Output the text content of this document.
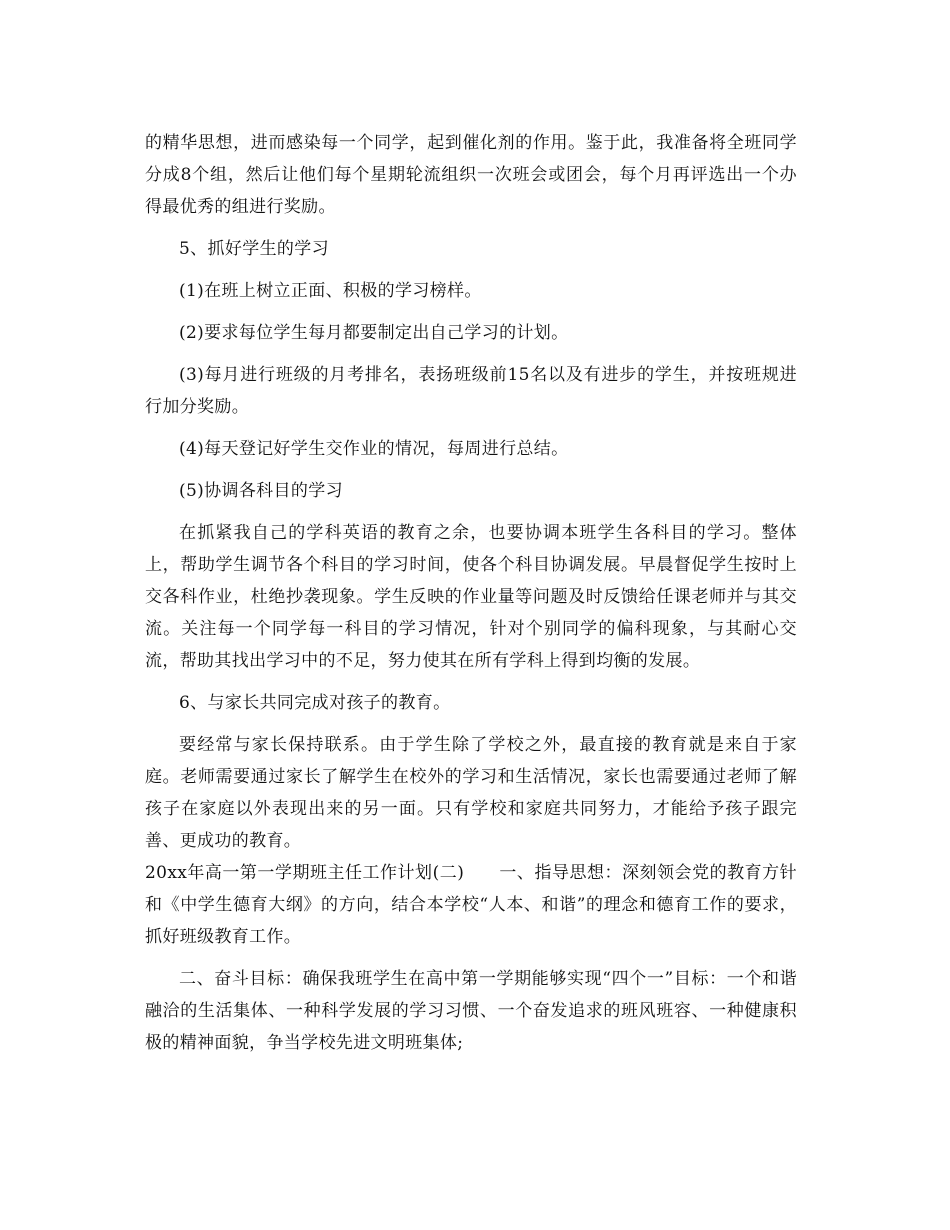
的精华思想，进而感染每一个同学，起到催化剂的作用。鉴于此，我准备将全班同学分成8个组，然后让他们每个星期轮流组织一次班会或团会，每个月再评选出一个办得最优秀的组进行奖励。

5、抓好学生的学习

(1)在班上树立正面、积极的学习榜样。

(2)要求每位学生每月都要制定出自己学习的计划。

(3)每月进行班级的月考排名，表扬班级前15名以及有进步的学生，并按班规进行加分奖励。

(4)每天登记好学生交作业的情况，每周进行总结。

(5)协调各科目的学习

在抓紧我自己的学科英语的教育之余，也要协调本班学生各科目的学习。整体上，帮助学生调节各个科目的学习时间，使各个科目协调发展。早晨督促学生按时上交各科作业，杜绝抄袭现象。学生反映的作业量等问题及时反馈给任课老师并与其交流。关注每一个同学每一科目的学习情况，针对个别同学的偏科现象，与其耐心交流，帮助其找出学习中的不足，努力使其在所有学科上得到均衡的发展。

6、与家长共同完成对孩子的教育。

要经常与家长保持联系。由于学生除了学校之外，最直接的教育就是来自于家庭。老师需要通过家长了解学生在校外的学习和生活情况，家长也需要通过老师了解孩子在家庭以外表现出来的另一面。只有学校和家庭共同努力，才能给予孩子跟完善、更成功的教育。

20xx年高一第一学期班主任工作计划(二)　　一、指导思想：深刻领会党的教育方针和《中学生德育大纲》的方向，结合本学校“人本、和谐”的理念和德育工作的要求，抓好班级教育工作。

二、奋斗目标：确保我班学生在高中第一学期能够实现“四个一”目标：一个和谐融洽的生活集体、一种科学发展的学习习惯、一个奋发追求的班风班容、一种健康积极的精神面貌，争当学校先进文明班集体;
